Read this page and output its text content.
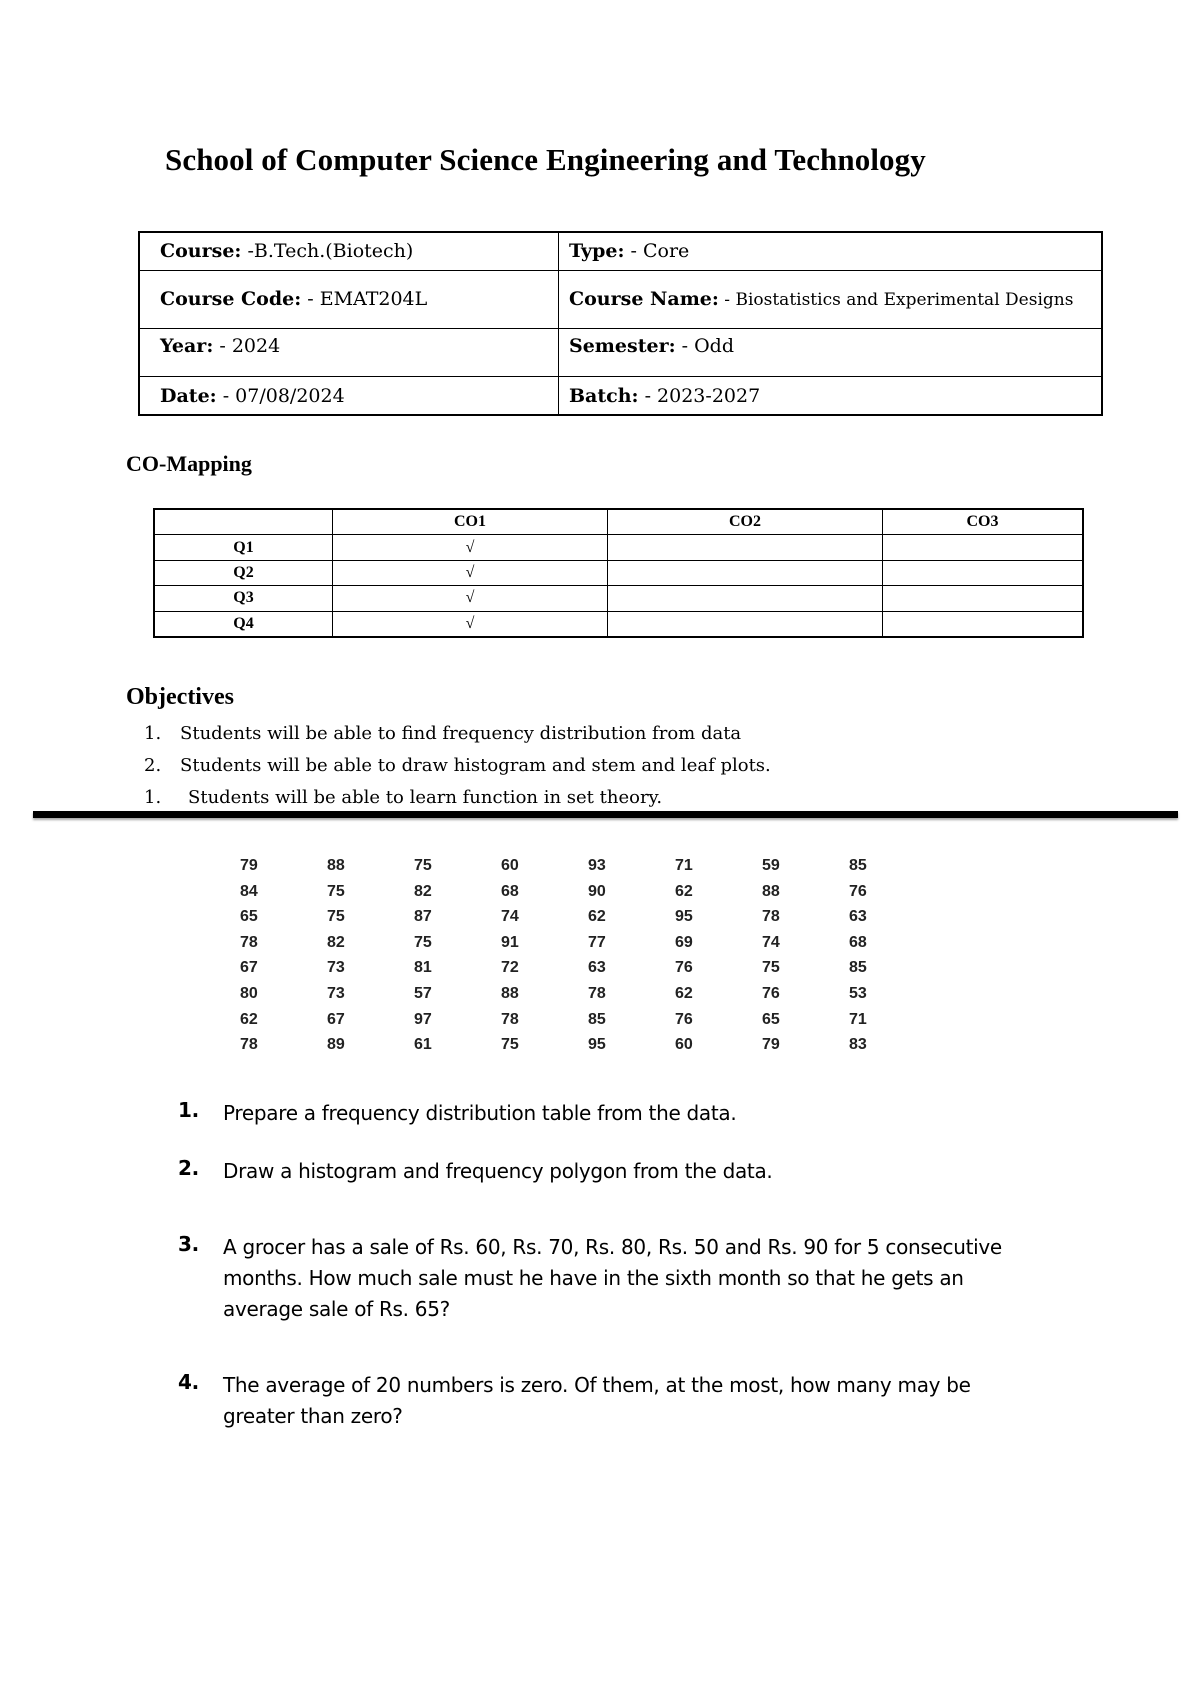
School of Computer Science Engineering and Technology
Course: -B.Tech.(Biotech)	Type: - Core
Course Code: - EMAT204L	Course Name: - Biostatistics and Experimental Designs
Year: - 2024	Semester: - Odd
Date: - 07/08/2024	Batch: - 2023-2027
CO-Mapping
	CO1	CO2	CO3
Q1	√		
Q2	√		
Q3	√		
Q4	√		
Objectives
1. Students will be able to find frequency distribution from data
2. Students will be able to draw histogram and stem and leaf plots.
1. Students will be able to learn function in set theory.
79	88	75	60	93	71	59	85
84	75	82	68	90	62	88	76
65	75	87	74	62	95	78	63
78	82	75	91	77	69	74	68
67	73	81	72	63	76	75	85
80	73	57	88	78	62	76	53
62	67	97	78	85	76	65	71
78	89	61	75	95	60	79	83
1. Prepare a frequency distribution table from the data.
2. Draw a histogram and frequency polygon from the data.
3. A grocer has a sale of Rs. 60, Rs. 70, Rs. 80, Rs. 50 and Rs. 90 for 5 consecutive months. How much sale must he have in the sixth month so that he gets an average sale of Rs. 65?
4. The average of 20 numbers is zero. Of them, at the most, how many may be greater than zero?
